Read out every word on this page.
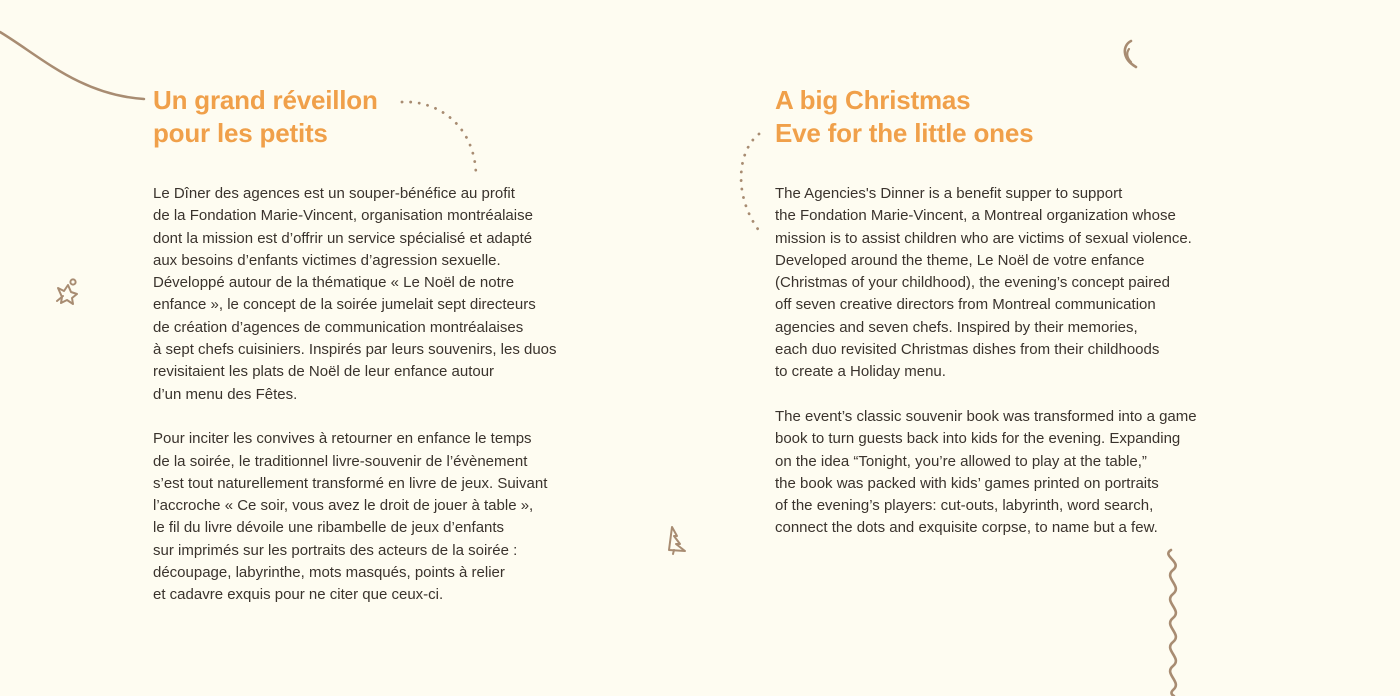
Un grand réveillon
pour les petits

Le Dîner des agences est un souper-bénéfice au profit
de la Fondation Marie-Vincent, organisation montréalaise
dont la mission est d’offrir un service spécialisé et adapté
aux besoins d’enfants victimes d’agression sexuelle.
Développé autour de la thématique « Le Noël de notre
enfance », le concept de la soirée jumelait sept directeurs
de création d’agences de communication montréalaises
à sept chefs cuisiniers. Inspirés par leurs souvenirs, les duos
revisitaient les plats de Noël de leur enfance autour
d’un menu des Fêtes.

Pour inciter les convives à retourner en enfance le temps
de la soirée, le traditionnel livre-souvenir de l’évènement
s’est tout naturellement transformé en livre de jeux. Suivant
l’accroche « Ce soir, vous avez le droit de jouer à table »,
le fil du livre dévoile une ribambelle de jeux d’enfants
sur imprimés sur les portraits des acteurs de la soirée :
découpage, labyrinthe, mots masqués, points à relier
et cadavre exquis pour ne citer que ceux-ci.

A big Christmas
Eve for the little ones

The Agencies's Dinner is a benefit supper to support
the Fondation Marie-Vincent, a Montreal organization whose
mission is to assist children who are victims of sexual violence.
Developed around the theme, Le Noël de votre enfance
(Christmas of your childhood), the evening’s concept paired
off seven creative directors from Montreal communication
agencies and seven chefs. Inspired by their memories,
each duo revisited Christmas dishes from their childhoods
to create a Holiday menu.

The event’s classic souvenir book was transformed into a game
book to turn guests back into kids for the evening. Expanding
on the idea “Tonight, you’re allowed to play at the table,”
the book was packed with kids’ games printed on portraits
of the evening’s players: cut-outs, labyrinth, word search,
connect the dots and exquisite corpse, to name but a few.
